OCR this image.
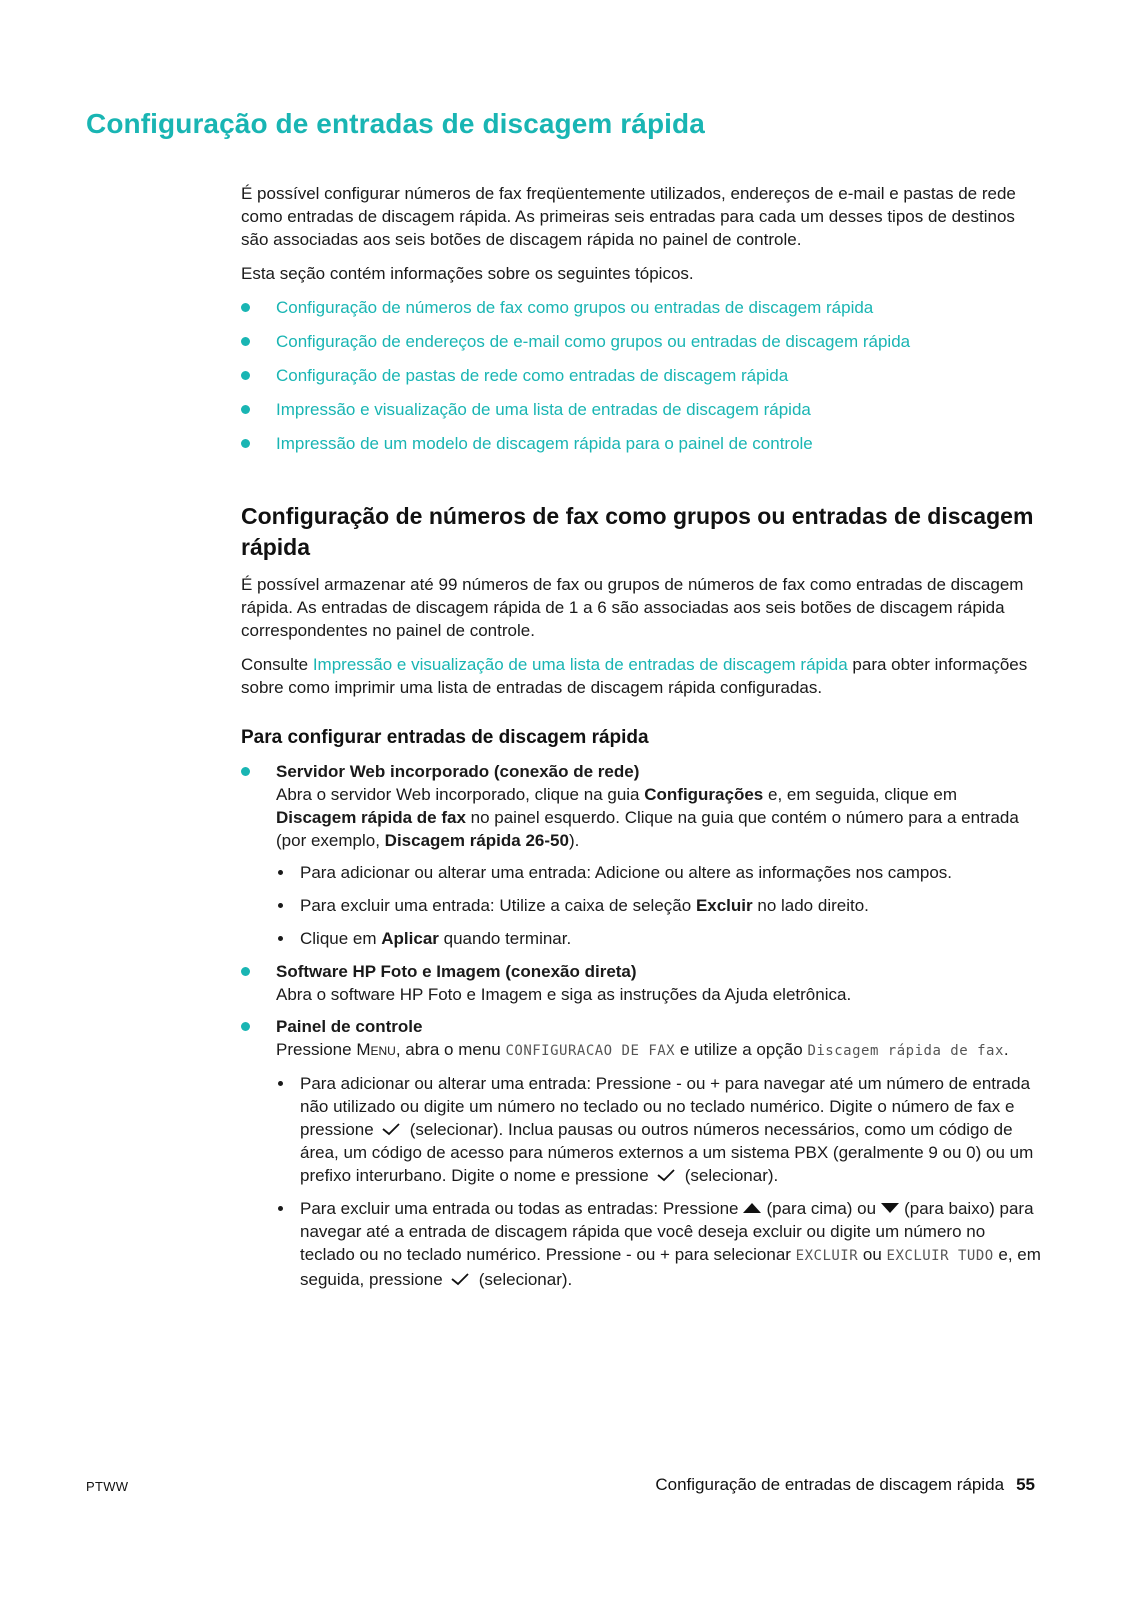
Configuração de entradas de discagem rápida

É possível configurar números de fax freqüentemente utilizados, endereços de e-mail e pastas de rede como entradas de discagem rápida. As primeiras seis entradas para cada um desses tipos de destinos são associadas aos seis botões de discagem rápida no painel de controle.

Esta seção contém informações sobre os seguintes tópicos.

Configuração de números de fax como grupos ou entradas de discagem rápida
Configuração de endereços de e-mail como grupos ou entradas de discagem rápida
Configuração de pastas de rede como entradas de discagem rápida
Impressão e visualização de uma lista de entradas de discagem rápida
Impressão de um modelo de discagem rápida para o painel de controle
Configuração de números de fax como grupos ou entradas de discagem rápida

É possível armazenar até 99 números de fax ou grupos de números de fax como entradas de discagem rápida. As entradas de discagem rápida de 1 a 6 são associadas aos seis botões de discagem rápida correspondentes no painel de controle.

Consulte Impressão e visualização de uma lista de entradas de discagem rápida para obter informações sobre como imprimir uma lista de entradas de discagem rápida configuradas.

Para configurar entradas de discagem rápida
Servidor Web incorporado (conexão de rede)
Abra o servidor Web incorporado, clique na guia Configurações e, em seguida, clique em Discagem rápida de fax no painel esquerdo. Clique na guia que contém o número para a entrada (por exemplo, Discagem rápida 26-50).
Para adicionar ou alterar uma entrada: Adicione ou altere as informações nos campos.
Para excluir uma entrada: Utilize a caixa de seleção Excluir no lado direito.
Clique em Aplicar quando terminar.
Software HP Foto e Imagem (conexão direta)
Abra o software HP Foto e Imagem e siga as instruções da Ajuda eletrônica.
Painel de controle
Pressione MENU, abra o menu CONFIGURACAO DE FAX e utilize a opção Discagem rápida de fax.
Para adicionar ou alterar uma entrada: Pressione - ou + para navegar até um número de entrada não utilizado ou digite um número no teclado ou no teclado numérico. Digite o número de fax e pressione (selecionar). Inclua pausas ou outros números necessários, como um código de área, um código de acesso para números externos a um sistema PBX (geralmente 9 ou 0) ou um prefixo interurbano. Digite o nome e pressione (selecionar).
Para excluir uma entrada ou todas as entradas: Pressione (para cima) ou (para baixo) para navegar até a entrada de discagem rápida que você deseja excluir ou digite um número no teclado ou no teclado numérico. Pressione - ou + para selecionar EXCLUIR ou EXCLUIR TUDO e, em seguida, pressione (selecionar).
PTWW	Configuração de entradas de discagem rápida 55
